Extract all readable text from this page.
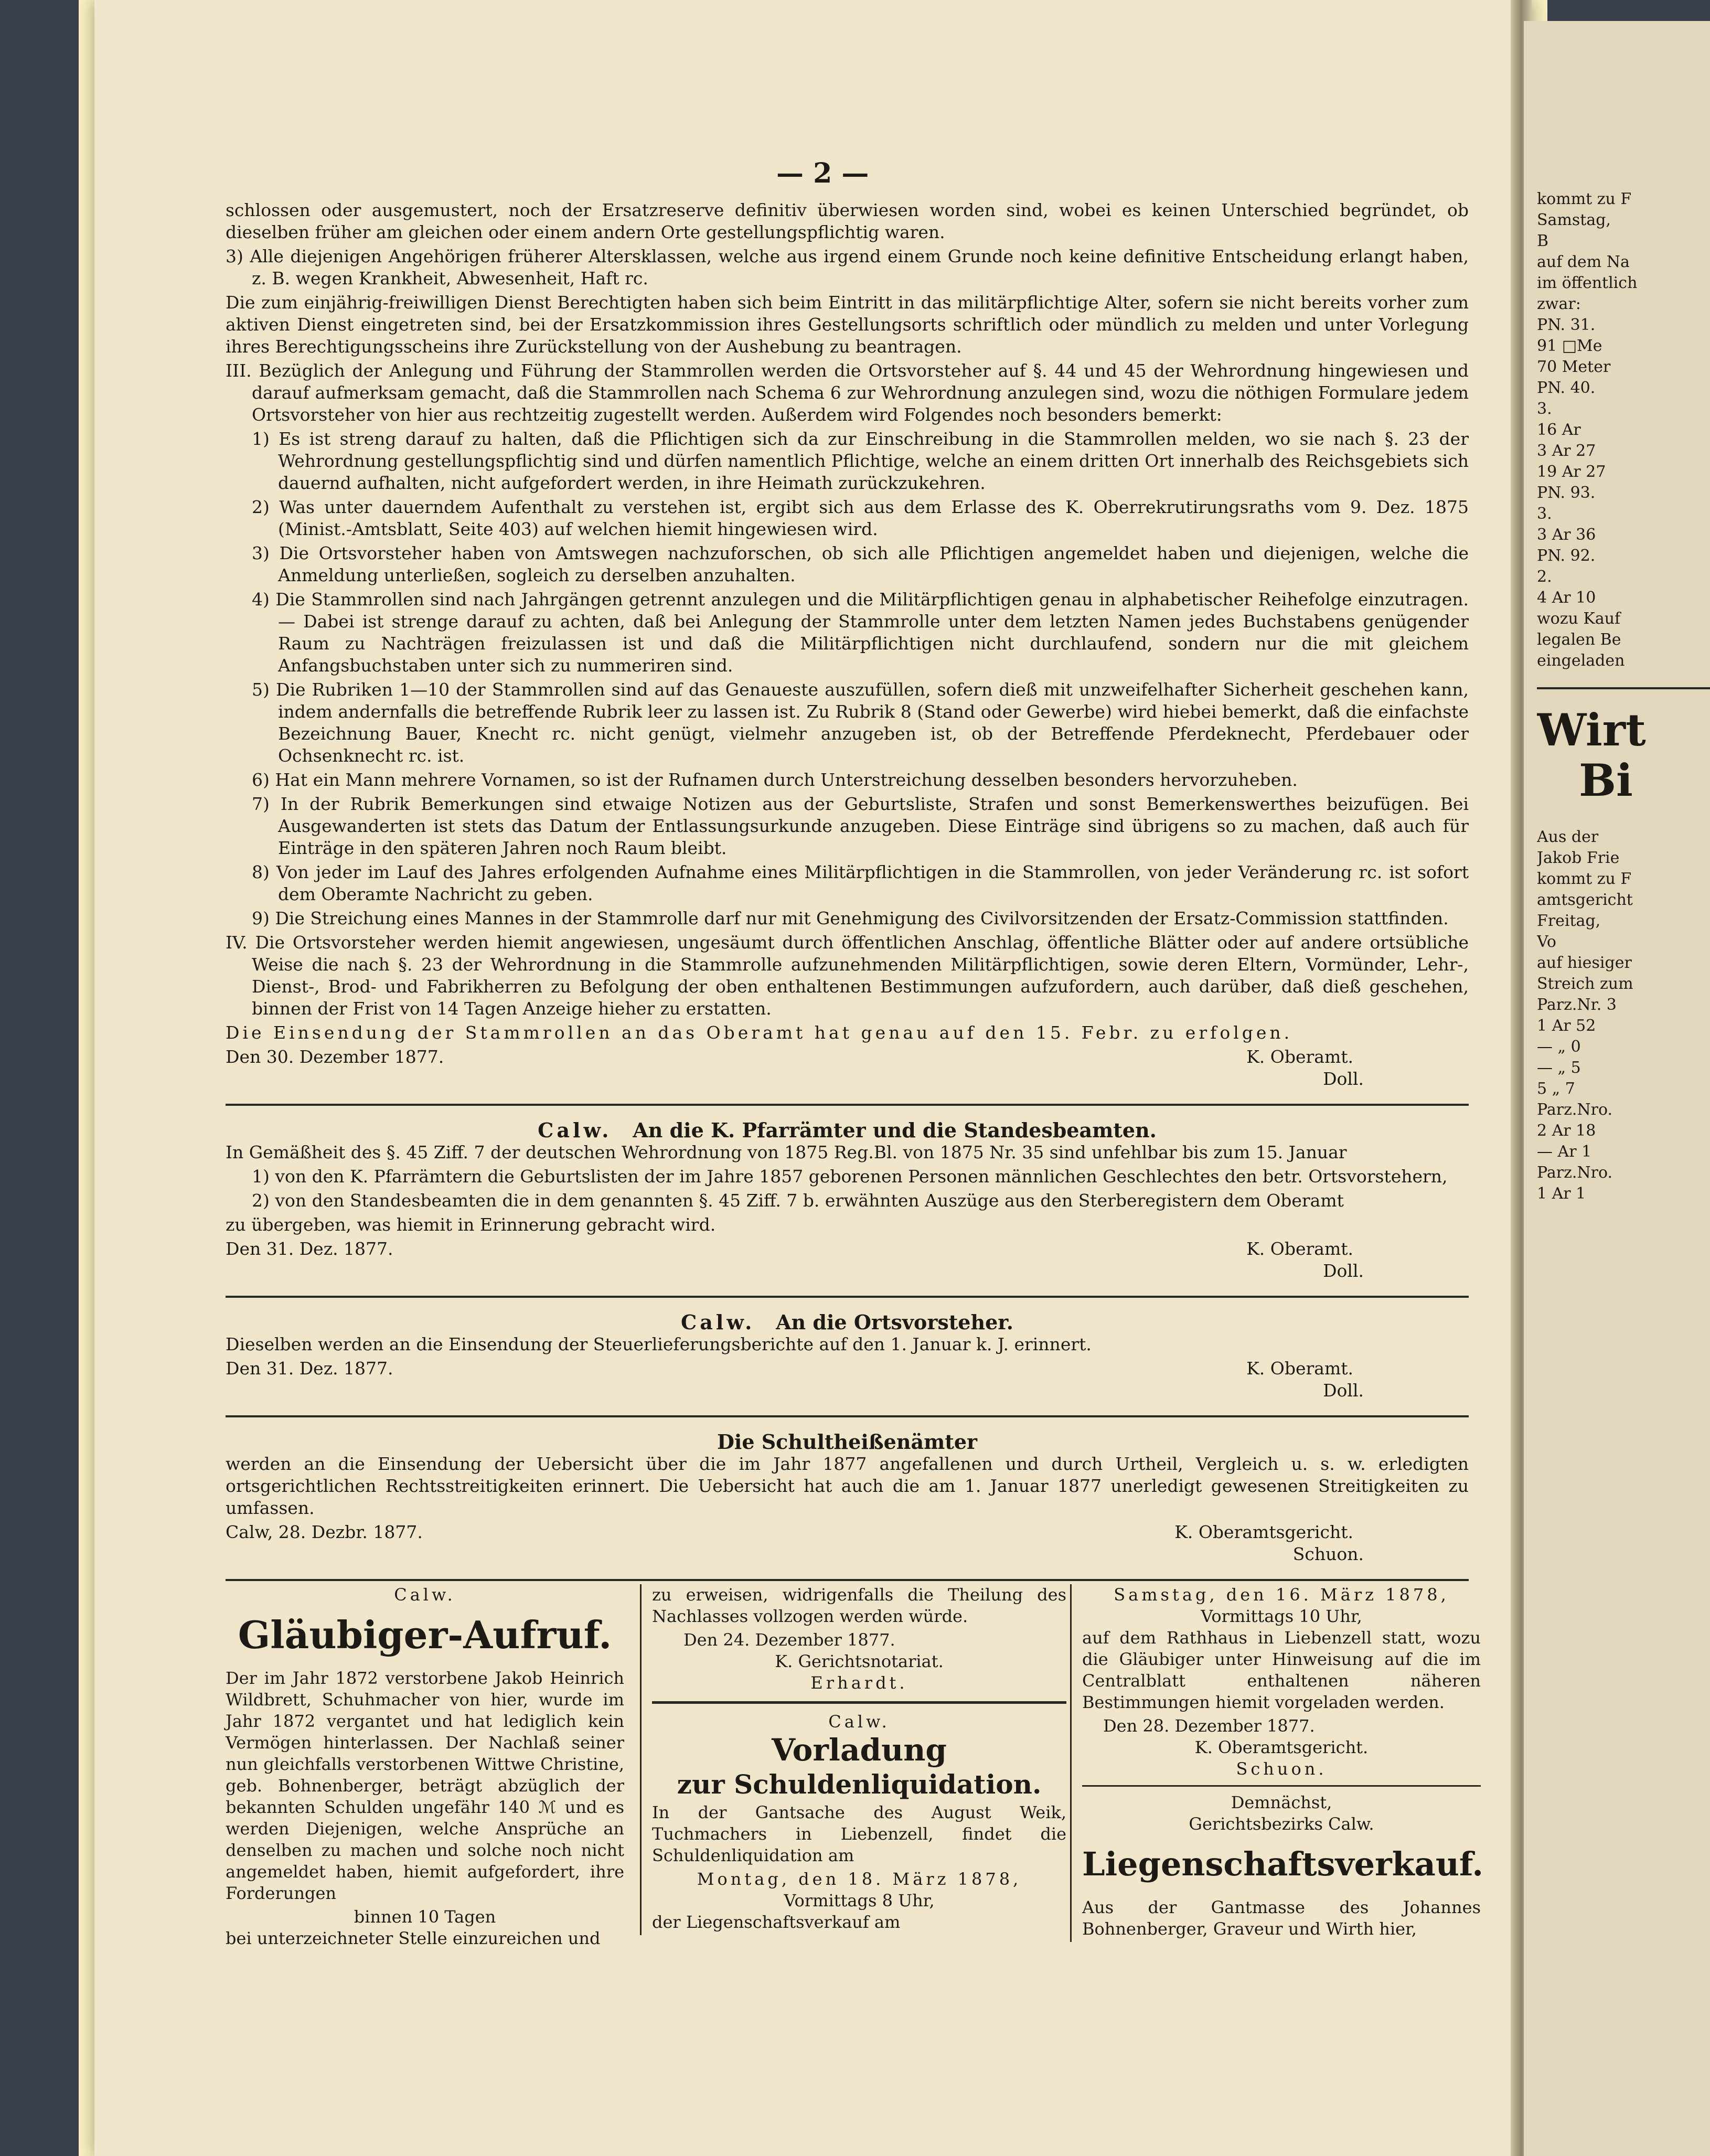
— 2 —

schlossen oder ausgemustert, noch der Ersatzreserve definitiv überwiesen worden sind, wobei es keinen Unterschied begründet, ob dieselben früher am gleichen oder einem andern Orte gestellungspflichtig waren.

3) Alle diejenigen Angehörigen früherer Altersklassen, welche aus irgend einem Grunde noch keine definitive Entscheidung erlangt haben, z. B. wegen Krankheit, Abwesenheit, Haft rc.

Die zum einjährig-freiwilligen Dienst Berechtigten haben sich beim Eintritt in das militärpflichtige Alter, sofern sie nicht bereits vorher zum aktiven Dienst eingetreten sind, bei der Ersatzkommission ihres Gestellungsorts schriftlich oder mündlich zu melden und unter Vorlegung ihres Berechtigungsscheins ihre Zurückstellung von der Aushebung zu beantragen.

III. Bezüglich der Anlegung und Führung der Stammrollen werden die Ortsvorsteher auf §. 44 und 45 der Wehrordnung hingewiesen und darauf aufmerksam gemacht, daß die Stammrollen nach Schema 6 zur Wehrordnung anzulegen sind, wozu die nöthigen Formulare jedem Ortsvorsteher von hier aus rechtzeitig zugestellt werden. Außerdem wird Folgendes noch besonders bemerkt:

1) Es ist streng darauf zu halten, daß die Pflichtigen sich da zur Einschreibung in die Stammrollen melden, wo sie nach §. 23 der Wehrordnung gestellungspflichtig sind und dürfen namentlich Pflichtige, welche an einem dritten Ort innerhalb des Reichsgebiets sich dauernd aufhalten, nicht aufgefordert werden, in ihre Heimath zurückzukehren.

2) Was unter dauerndem Aufenthalt zu verstehen ist, ergibt sich aus dem Erlasse des K. Oberrekrutirungsraths vom 9. Dez. 1875 (Minist.-Amtsblatt, Seite 403) auf welchen hiemit hingewiesen wird.

3) Die Ortsvorsteher haben von Amtswegen nachzuforschen, ob sich alle Pflichtigen angemeldet haben und diejenigen, welche die Anmeldung unterließen, sogleich zu derselben anzuhalten.

4) Die Stammrollen sind nach Jahrgängen getrennt anzulegen und die Militärpflichtigen genau in alphabetischer Reihefolge einzutragen. — Dabei ist strenge darauf zu achten, daß bei Anlegung der Stammrolle unter dem letzten Namen jedes Buchstabens genügender Raum zu Nachträgen freizulassen ist und daß die Militärpflichtigen nicht durchlaufend, sondern nur die mit gleichem Anfangsbuchstaben unter sich zu nummeriren sind.

5) Die Rubriken 1—10 der Stammrollen sind auf das Genaueste auszufüllen, sofern dieß mit unzweifelhafter Sicherheit geschehen kann, indem andernfalls die betreffende Rubrik leer zu lassen ist. Zu Rubrik 8 (Stand oder Gewerbe) wird hiebei bemerkt, daß die einfachste Bezeichnung Bauer, Knecht rc. nicht genügt, vielmehr anzugeben ist, ob der Betreffende Pferdeknecht, Pferdebauer oder Ochsenknecht rc. ist.

6) Hat ein Mann mehrere Vornamen, so ist der Rufnamen durch Unterstreichung desselben besonders hervorzuheben.

7) In der Rubrik Bemerkungen sind etwaige Notizen aus der Geburtsliste, Strafen und sonst Bemerkenswerthes beizufügen. Bei Ausgewanderten ist stets das Datum der Entlassungsurkunde anzugeben. Diese Einträge sind übrigens so zu machen, daß auch für Einträge in den späteren Jahren noch Raum bleibt.

8) Von jeder im Lauf des Jahres erfolgenden Aufnahme eines Militärpflichtigen in die Stammrollen, von jeder Veränderung rc. ist sofort dem Oberamte Nachricht zu geben.

9) Die Streichung eines Mannes in der Stammrolle darf nur mit Genehmigung des Civilvorsitzenden der Ersatz-Commission stattfinden.

IV. Die Ortsvorsteher werden hiemit angewiesen, ungesäumt durch öffentlichen Anschlag, öffentliche Blätter oder auf andere ortsübliche Weise die nach §. 23 der Wehrordnung in die Stammrolle aufzunehmenden Militärpflichtigen, sowie deren Eltern, Vormünder, Lehr-, Dienst-, Brod- und Fabrikherren zu Befolgung der oben enthaltenen Bestimmungen aufzufordern, auch darüber, daß dieß geschehen, binnen der Frist von 14 Tagen Anzeige hieher zu erstatten.

Die Einsendung der Stammrollen an das Oberamt hat genau auf den 15. Febr. zu erfolgen.

Den 30. Dezember 1877.	K. Oberamt.
Doll.
Calw. An die K. Pfarrämter und die Standesbeamten.

In Gemäßheit des §. 45 Ziff. 7 der deutschen Wehrordnung von 1875 Reg.Bl. von 1875 Nr. 35 sind unfehlbar bis zum 15. Januar

1) von den K. Pfarrämtern die Geburtslisten der im Jahre 1857 geborenen Personen männlichen Geschlechtes den betr. Ortsvorstehern,

2) von den Standesbeamten die in dem genannten §. 45 Ziff. 7 b. erwähnten Auszüge aus den Sterberegistern dem Oberamt

zu übergeben, was hiemit in Erinnerung gebracht wird.

Den 31. Dez. 1877.	K. Oberamt.
Doll.
Calw. An die Ortsvorsteher.

Dieselben werden an die Einsendung der Steuerlieferungsberichte auf den 1. Januar k. J. erinnert.

Den 31. Dez. 1877.	K. Oberamt.
Doll.
Die Schultheißenämter

werden an die Einsendung der Uebersicht über die im Jahr 1877 angefallenen und durch Urtheil, Vergleich u. s. w. erledigten ortsgerichtlichen Rechtsstreitigkeiten erinnert. Die Uebersicht hat auch die am 1. Januar 1877 unerledigt gewesenen Streitigkeiten zu umfassen.

Calw, 28. Dezbr. 1877.	K. Oberamtsgericht.
Schuon.
Calw.
Gläubiger-Aufruf.

Der im Jahr 1872 verstorbene Jakob Heinrich Wildbrett, Schuhmacher von hier, wurde im Jahr 1872 vergantet und hat lediglich kein Vermögen hinterlassen. Der Nachlaß seiner nun gleichfalls verstorbenen Wittwe Christine, geb. Bohnenberger, beträgt abzüglich der bekannten Schulden ungefähr 140 ℳ und es werden Diejenigen, welche Ansprüche an denselben zu machen und solche noch nicht angemeldet haben, hiemit aufgefordert, ihre Forderungen

binnen 10 Tagen

bei unterzeichneter Stelle einzureichen und

zu erweisen, widrigenfalls die Theilung des Nachlasses vollzogen werden würde.

Den 24. Dezember 1877.
K. Gerichtsnotariat.
Erhardt.
Calw.
Vorladung
zur Schuldenliquidation.

In der Gantsache des August Weik, Tuchmachers in Liebenzell, findet die Schuldenliquidation am

Montag, den 18. März 1878,
Vormittags 8 Uhr,

der Liegenschaftsverkauf am

Samstag, den 16. März 1878,
Vormittags 10 Uhr,

auf dem Rathhaus in Liebenzell statt, wozu die Gläubiger unter Hinweisung auf die im Centralblatt enthaltenen näheren Bestimmungen hiemit vorgeladen werden.

Den 28. Dezember 1877.
K. Oberamtsgericht.
Schuon.
Demnächst,
Gerichtsbezirks Calw.
Liegenschaftsverkauf.

Aus der Gantmasse des Johannes Bohnenberger, Graveur und Wirth hier,

kommt zu F
Samstag,
B
auf dem Na
im öffentlich
zwar:
PN. 31.
91 □Me
70 Meter
PN. 40.
3.
16 Ar
3 Ar 27
19 Ar 27
PN. 93.
3.
3 Ar 36
PN. 92.
2.
4 Ar 10
wozu Kauf
legalen Be
eingeladen
Wirt
Bi
Aus der
Jakob Frie
kommt zu F
amtsgericht
Freitag,
Vo
auf hiesiger
Streich zum
Parz.Nr. 3
1 Ar 52
— „ 0
— „ 5
5 „ 7
Parz.Nro.
2 Ar 18
— Ar 1
Parz.Nro.
1 Ar 1
